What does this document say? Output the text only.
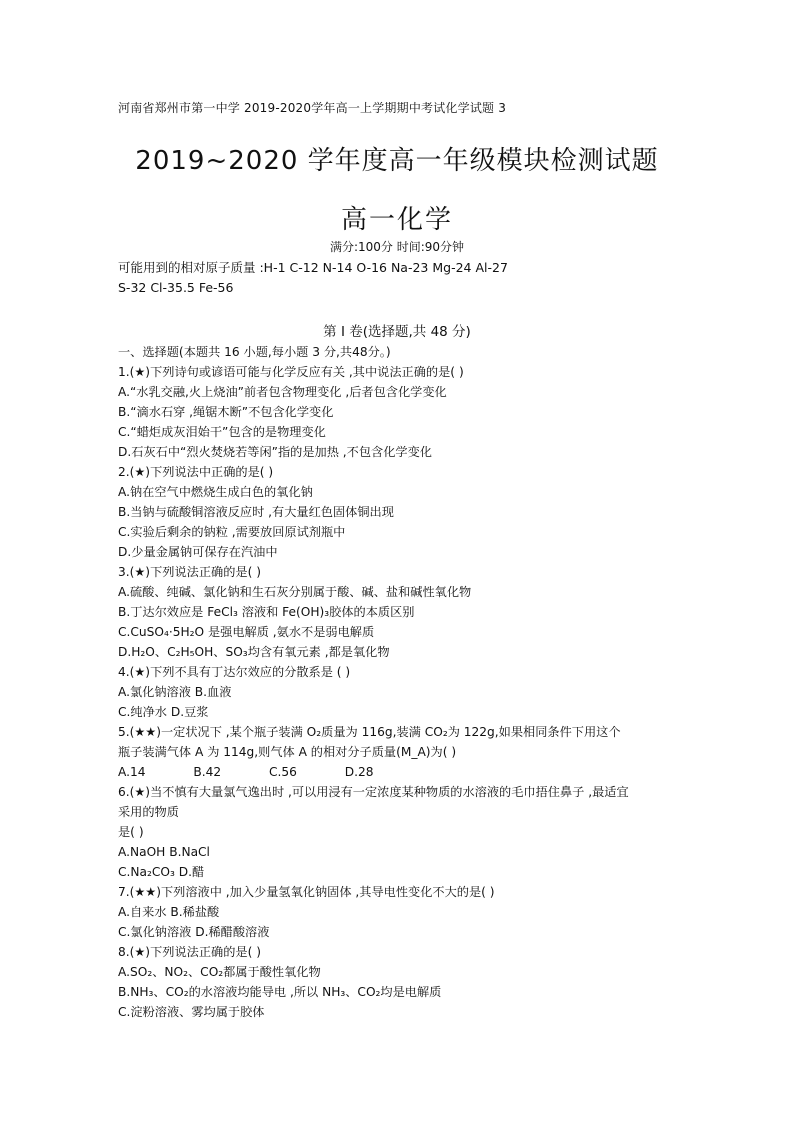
河南省郑州市第一中学 2019-2020学年高一上学期期中考试化学试题 3
2019~2020 学年度高一年级模块检测试题
高一化学
满分:100分 时间:90分钟
可能用到的相对原子质量 :H-1 C-12 N-14 O-16 Na-23 Mg-24 Al-27
S-32 Cl-35.5 Fe-56
第 I 卷(选择题,共 48 分)
一、选择题(本题共 16 小题,每小题 3 分,共48分。)
1.(★)下列诗句或谚语可能与化学反应有关 ,其中说法正确的是( )
A.“水乳交融,火上烧油”前者包含物理变化 ,后者包含化学变化
B.“滴水石穿 ,绳锯木断”不包含化学变化
C.“蜡炬成灰泪始干”包含的是物理变化
D.石灰石中“烈火焚烧若等闲”指的是加热 ,不包含化学变化
2.(★)下列说法中正确的是( )
A.钠在空气中燃烧生成白色的氧化钠
B.当钠与硫酸铜溶液反应时 ,有大量红色固体铜出现
C.实验后剩余的钠粒 ,需要放回原试剂瓶中
D.少量金属钠可保存在汽油中
3.(★)下列说法正确的是( )
A.硫酸、纯碱、氯化钠和生石灰分别属于酸、碱、盐和碱性氧化物
B.丁达尔效应是 FeCl₃ 溶液和 Fe(OH)₃胶体的本质区别
C.CuSO₄·5H₂O 是强电解质 ,氨水不是弱电解质
D.H₂O、C₂H₅OH、SO₃均含有氧元素 ,都是氧化物
4.(★)下列不具有丁达尔效应的分散系是 ( )
A.氯化钠溶液 B.血液
C.纯净水 D.豆浆
5.(★★)一定状况下 ,某个瓶子装满 O₂质量为 116g,装满 CO₂为 122g,如果相同条件下用这个
瓶子装满气体 A 为 114g,则气体 A 的相对分子质量(M_A)为( )
A.14	B.42	C.56	D.28
6.(★)当不慎有大量氯气逸出时 ,可以用浸有一定浓度某种物质的水溶液的毛巾捂住鼻子 ,最适宜
采用的物质
是( )
A.NaOH B.NaCl
C.Na₂CO₃ D.醋
7.(★★)下列溶液中 ,加入少量氢氧化钠固体 ,其导电性变化不大的是( )
A.自来水 B.稀盐酸
C.氯化钠溶液 D.稀醋酸溶液
8.(★)下列说法正确的是( )
A.SO₂、NO₂、CO₂都属于酸性氧化物
B.NH₃、CO₂的水溶液均能导电 ,所以 NH₃、CO₂均是电解质
C.淀粉溶液、雾均属于胶体
